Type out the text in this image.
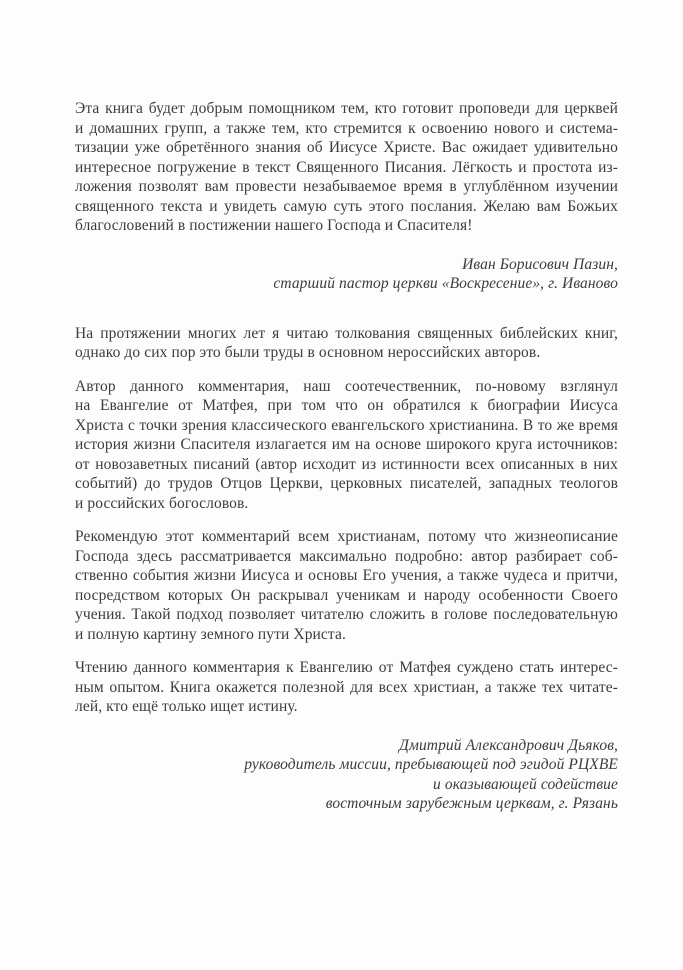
Эта книга будет добрым помощником тем, кто готовит проповеди для церквей
и домашних групп, а также тем, кто стремится к освоению нового и система-
тизации уже обретённого знания об Иисусе Христе. Вас ожидает удивительно
интересное погружение в текст Священного Писания. Лёгкость и простота из-
ложения позволят вам провести незабываемое время в углублённом изучении
священного текста и увидеть самую суть этого послания. Желаю вам Божьих
благословений в постижении нашего Господа и Спасителя!
Иван Борисович Пазин,
старший пастор церкви «Воскресение», г. Иваново
На протяжении многих лет я читаю толкования священных библейских книг,
однако до сих пор это были труды в основном нероссийских авторов.
Автор данного комментария, наш соотечественник, по-новому взглянул
на Евангелие от Матфея, при том что он обратился к биографии Иисуса
Христа с точки зрения классического евангельского христианина. В то же время
история жизни Спасителя излагается им на основе широкого круга источников:
от новозаветных писаний (автор исходит из истинности всех описанных в них
событий) до трудов Отцов Церкви, церковных писателей, западных теологов
и российских богословов.
Рекомендую этот комментарий всем христианам, потому что жизнеописание
Господа здесь рассматривается максимально подробно: автор разбирает соб-
ственно события жизни Иисуса и основы Его учения, а также чудеса и притчи,
посредством которых Он раскрывал ученикам и народу особенности Своего
учения. Такой подход позволяет читателю сложить в голове последовательную
и полную картину земного пути Христа.
Чтению данного комментария к Евангелию от Матфея суждено стать интерес-
ным опытом. Книга окажется полезной для всех христиан, а также тех читате-
лей, кто ещё только ищет истину.
Дмитрий Александрович Дьяков,
руководитель миссии, пребывающей под эгидой РЦХВЕ
и оказывающей содействие
восточным зарубежным церквам, г. Рязань
